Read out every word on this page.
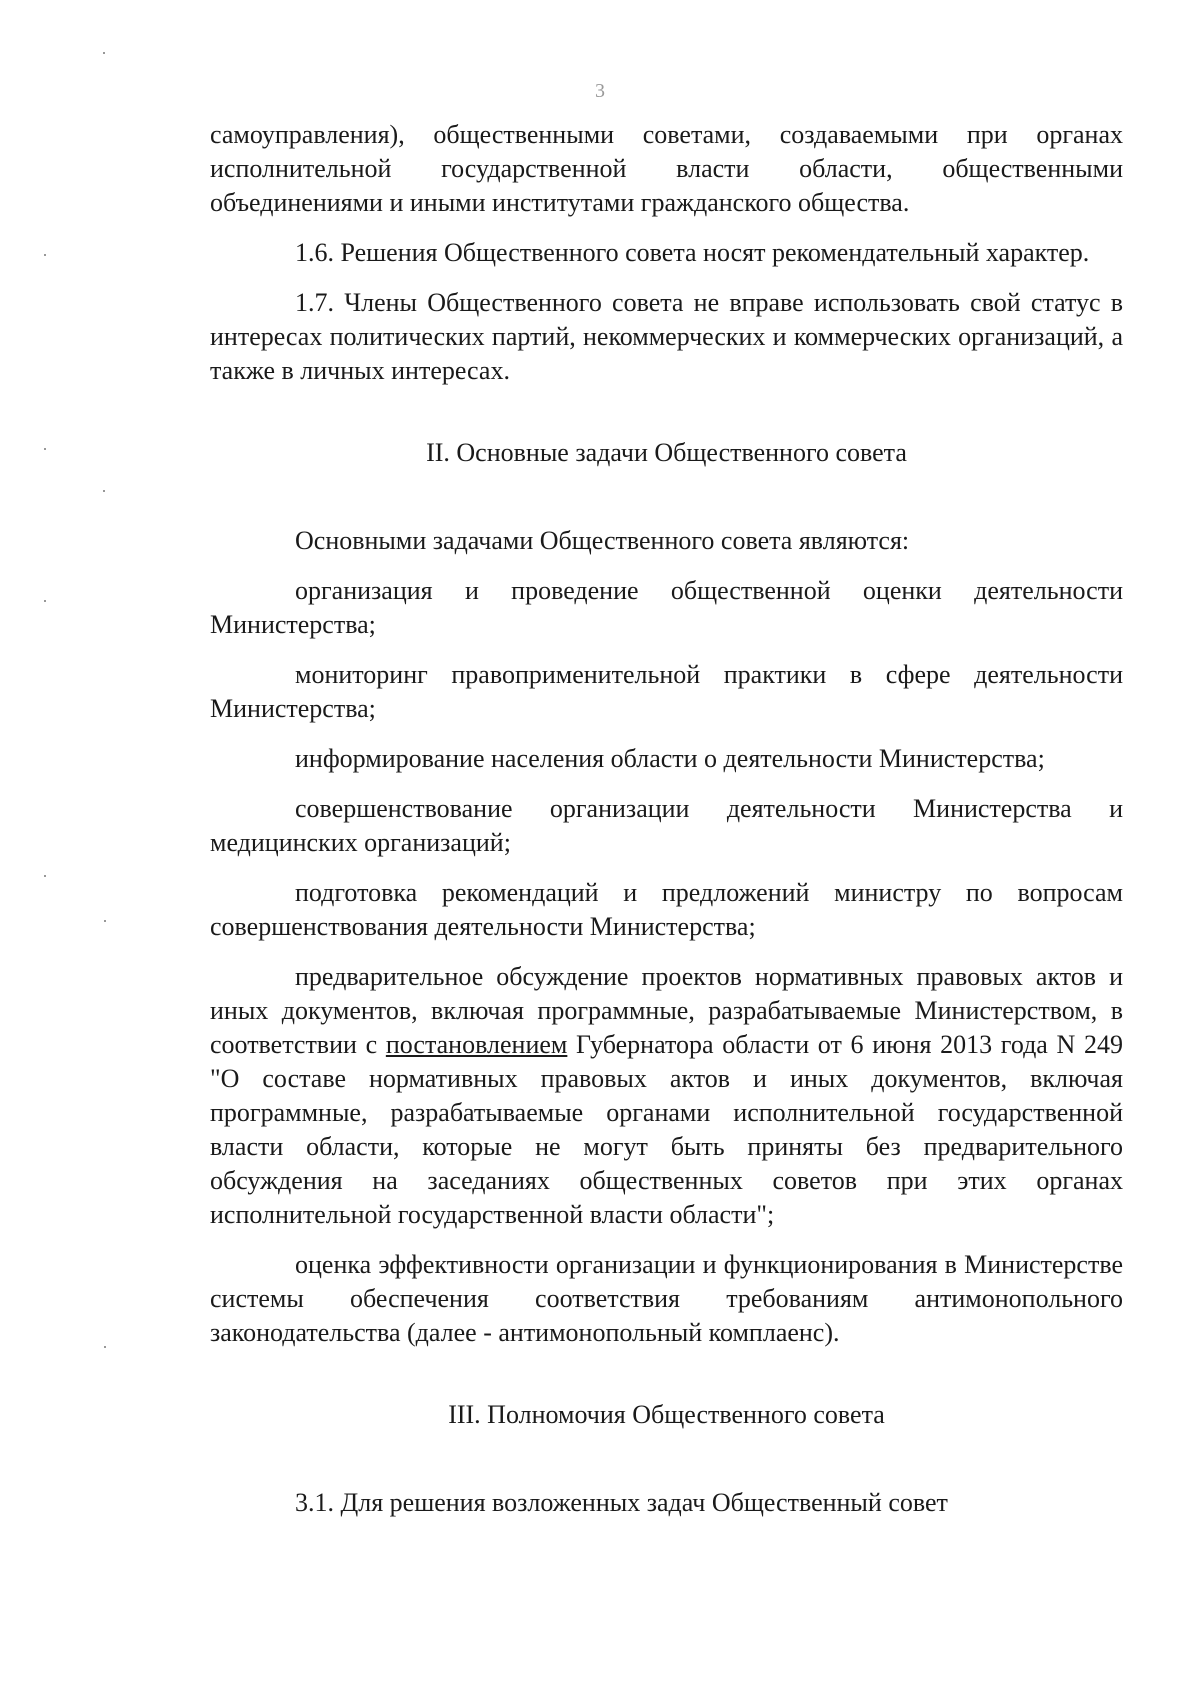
3

самоуправления), общественными советами, создаваемыми при органах исполнительной государственной власти области, общественными объединениями и иными институтами гражданского общества.

1.6. Решения Общественного совета носят рекомендательный характер.

1.7. Члены Общественного совета не вправе использовать свой статус в интересах политических партий, некоммерческих и коммерческих организаций, а также в личных интересах.

II. Основные задачи Общественного совета

Основными задачами Общественного совета являются:

организация и проведение общественной оценки деятельности Министерства;

мониторинг правоприменительной практики в сфере деятельности Министерства;

информирование населения области о деятельности Министерства;

совершенствование организации деятельности Министерства и медицинских организаций;

подготовка рекомендаций и предложений министру по вопросам совершенствования деятельности Министерства;

предварительное обсуждение проектов нормативных правовых актов и иных документов, включая программные, разрабатываемые Министерством, в соответствии с постановлением Губернатора области от 6 июня 2013 года N 249 "О составе нормативных правовых актов и иных документов, включая программные, разрабатываемые органами исполнительной государственной власти области, которые не могут быть приняты без предварительного обсуждения на заседаниях общественных советов при этих органах исполнительной государственной власти области";

оценка эффективности организации и функционирования в Министерстве системы обеспечения соответствия требованиям антимонопольного законодательства (далее - антимонопольный комплаенс).

III. Полномочия Общественного совета

3.1. Для решения возложенных задач Общественный совет
